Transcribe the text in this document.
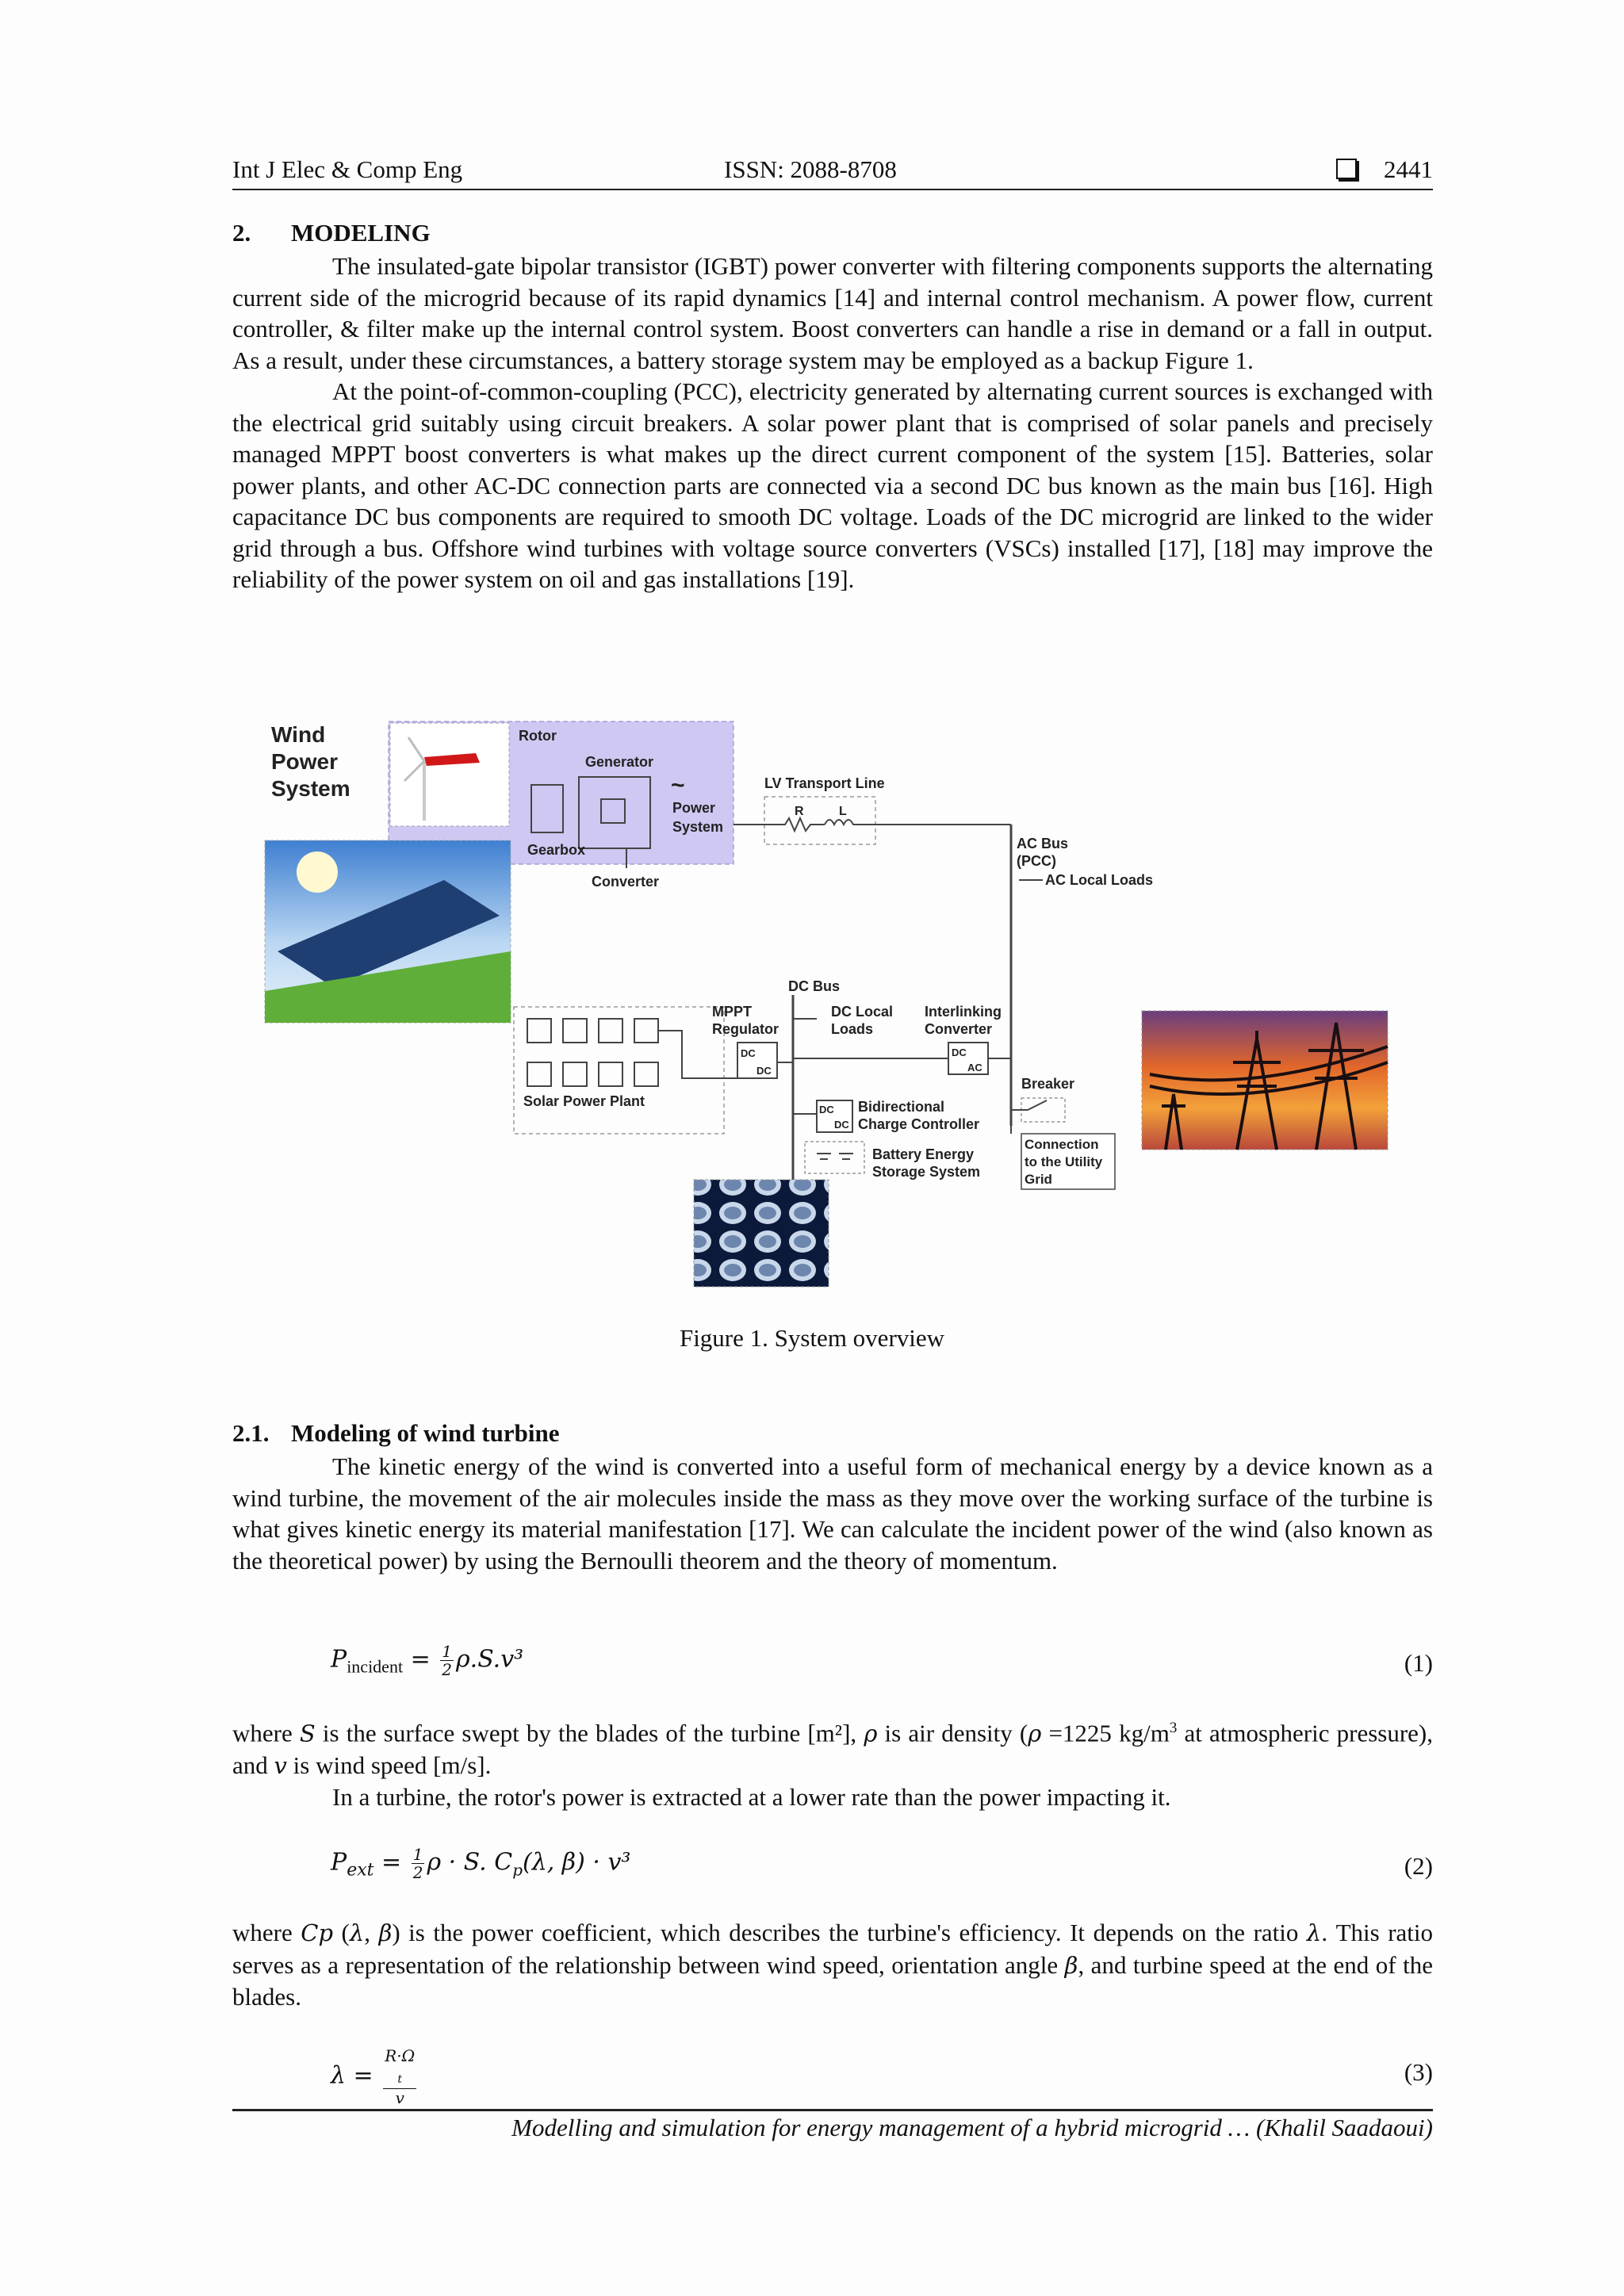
Int J Elec & Comp Eng	ISSN: 2088-8708	2441
2. MODELING

The insulated-gate bipolar transistor (IGBT) power converter with filtering components supports the alternating current side of the microgrid because of its rapid dynamics [14] and internal control mechanism. A power flow, current controller, & filter make up the internal control system. Boost converters can handle a rise in demand or a fall in output. As a result, under these circumstances, a battery storage system may be employed as a backup Figure 1.

At the point-of-common-coupling (PCC), electricity generated by alternating current sources is exchanged with the electrical grid suitably using circuit breakers. A solar power plant that is comprised of solar panels and precisely managed MPPT boost converters is what makes up the direct current component of the system [15]. Batteries, solar power plants, and other AC-DC connection parts are connected via a second DC bus known as the main bus [16]. High capacitance DC bus components are required to smooth DC voltage. Loads of the DC microgrid are linked to the wider grid through a bus. Offshore wind turbines with voltage source converters (VSCs) installed [17], [18] may improve the reliability of the power system on oil and gas installations [19].

Wind
Power
System
Rotor
Generator
~
Power
System
Gearbox
Converter
LV Transport Line
R	L
AC Bus
(PCC)
AC Local Loads
Solar Power Plant
MPPT
Regulator
DC
DC
DC Bus
DC Local
Loads
Interlinking
Converter
DC
AC
DC
DC
Bidirectional
Charge Controller
Battery Energy
Storage System
Breaker
Connection
to the Utility
Grid
Figure 1. System overview
2.1. Modeling of wind turbine

The kinetic energy of the wind is converted into a useful form of mechanical energy by a device known as a wind turbine, the movement of the air molecules inside the mass as they move over the working surface of the turbine is what gives kinetic energy its material manifestation [17]. We can calculate the incident power of the wind (also known as the theoretical power) by using the Bernoulli theorem and the theory of momentum.

$P_{incident} = \frac{1}{2} \rho.S.v^3$	(1)
where S is the surface swept by the blades of the turbine [m²], ρ is air density (ρ =1225 $kg/m^3$ at atmospheric pressure), and v is wind speed [m/s].

In a turbine, the rotor's power is extracted at a lower rate than the power impacting it.

$P_{ext} = \frac{1}{2}$ ρ · S. $C_p(\lambda$, β) · v³	(2)
where Cp (λ, β) is the power coefficient, which describes the turbine's efficiency. It depends on the ratio λ. This ratio serves as a representation of the relationship between wind speed, orientation angle β, and turbine speed at the end of the blades.
λ = R·Ω
$_t$
v	(3)
Modelling and simulation for energy management of a hybrid microgrid … (Khalil Saadaoui)
